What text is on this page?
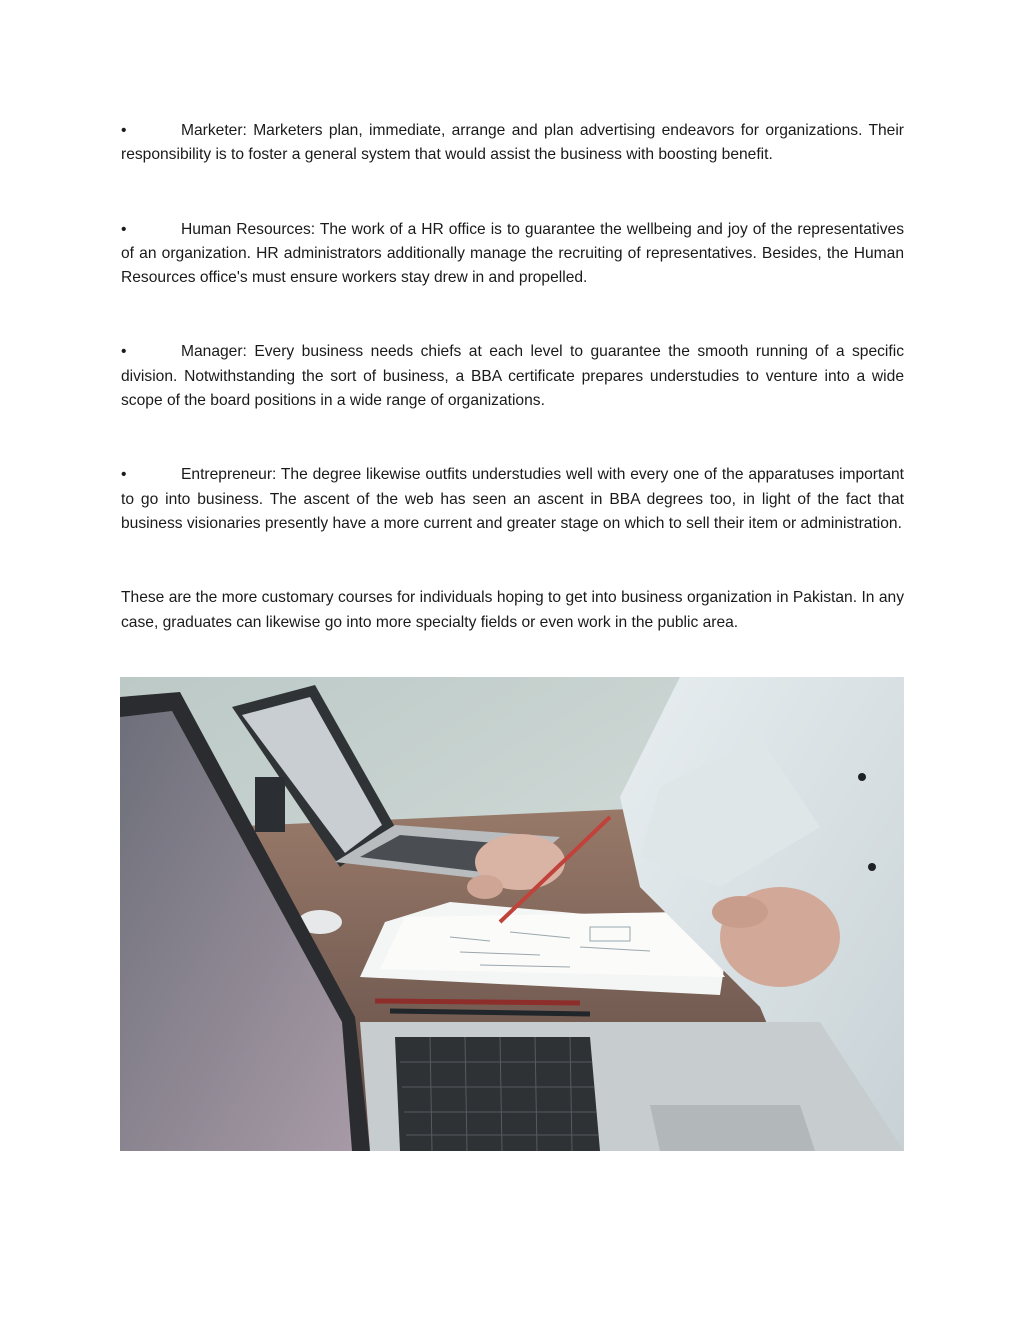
•	Marketer: Marketers plan, immediate, arrange and plan advertising endeavors for organizations. Their responsibility is to foster a general system that would assist the business with boosting benefit.

•	Human Resources: The work of a HR office is to guarantee the wellbeing and joy of the representatives of an organization. HR administrators additionally manage the recruiting of representatives. Besides, the Human Resources office's must ensure workers stay drew in and propelled.

•	Manager: Every business needs chiefs at each level to guarantee the smooth running of a specific division. Notwithstanding the sort of business, a BBA certificate prepares understudies to venture into a wide scope of the board positions in a wide range of organizations.

•	Entrepreneur: The degree likewise outfits understudies well with every one of the apparatuses important to go into business. The ascent of the web has seen an ascent in BBA degrees too, in light of the fact that business visionaries presently have a more current and greater stage on which to sell their item or administration.

These are the more customary courses for individuals hoping to get into business organization in Pakistan. In any case, graduates can likewise go into more specialty fields or even work in the public area.
